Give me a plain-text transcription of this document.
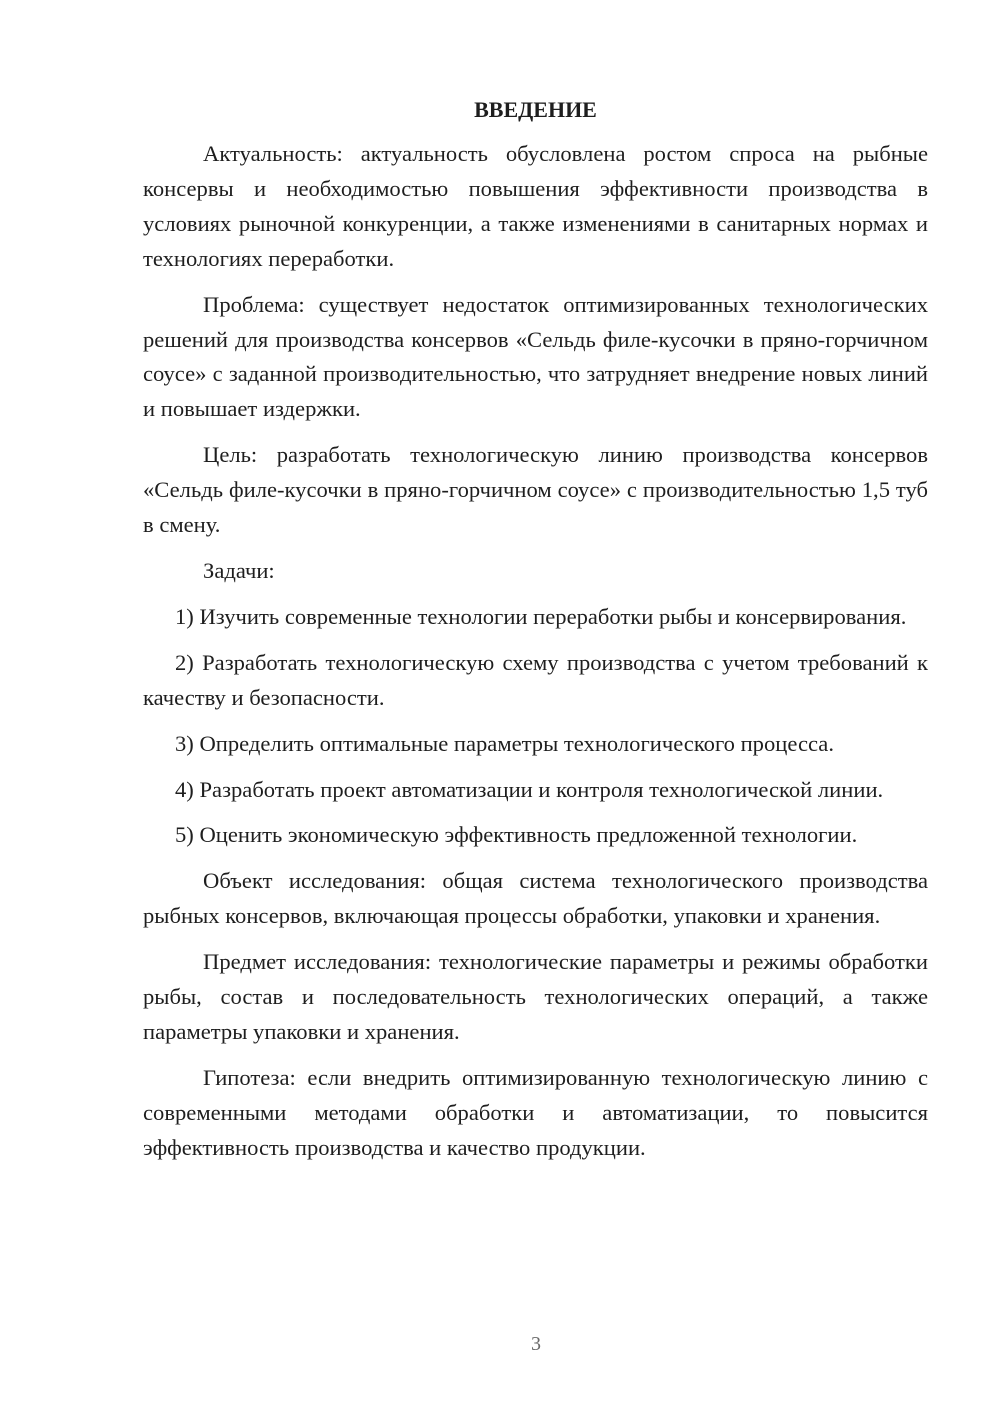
ВВЕДЕНИЕ

Актуальность: актуальность обусловлена ростом спроса на рыбные консервы и необходимостью повышения эффективности производства в условиях рыночной конкуренции, а также изменениями в санитарных нормах и технологиях переработки.

Проблема: существует недостаток оптимизированных технологических решений для производства консервов «Сельдь филе-кусочки в пряно-горчичном соусе» с заданной производительностью, что затрудняет внедрение новых линий и повышает издержки.

Цель: разработать технологическую линию производства консервов «Сельдь филе-кусочки в пряно-горчичном соусе» с производительностью 1,5 туб в смену.

Задачи:

1) Изучить современные технологии переработки рыбы и консервирования.

2) Разработать технологическую схему производства с учетом требований к качеству и безопасности.

3) Определить оптимальные параметры технологического процесса.

4) Разработать проект автоматизации и контроля технологической линии.

5) Оценить экономическую эффективность предложенной технологии.

Объект исследования: общая система технологического производства рыбных консервов, включающая процессы обработки, упаковки и хранения.

Предмет исследования: технологические параметры и режимы обработки рыбы, состав и последовательность технологических операций, а также параметры упаковки и хранения.

Гипотеза: если внедрить оптимизированную технологическую линию с современными методами обработки и автоматизации, то повысится эффективность производства и качество продукции.

3
